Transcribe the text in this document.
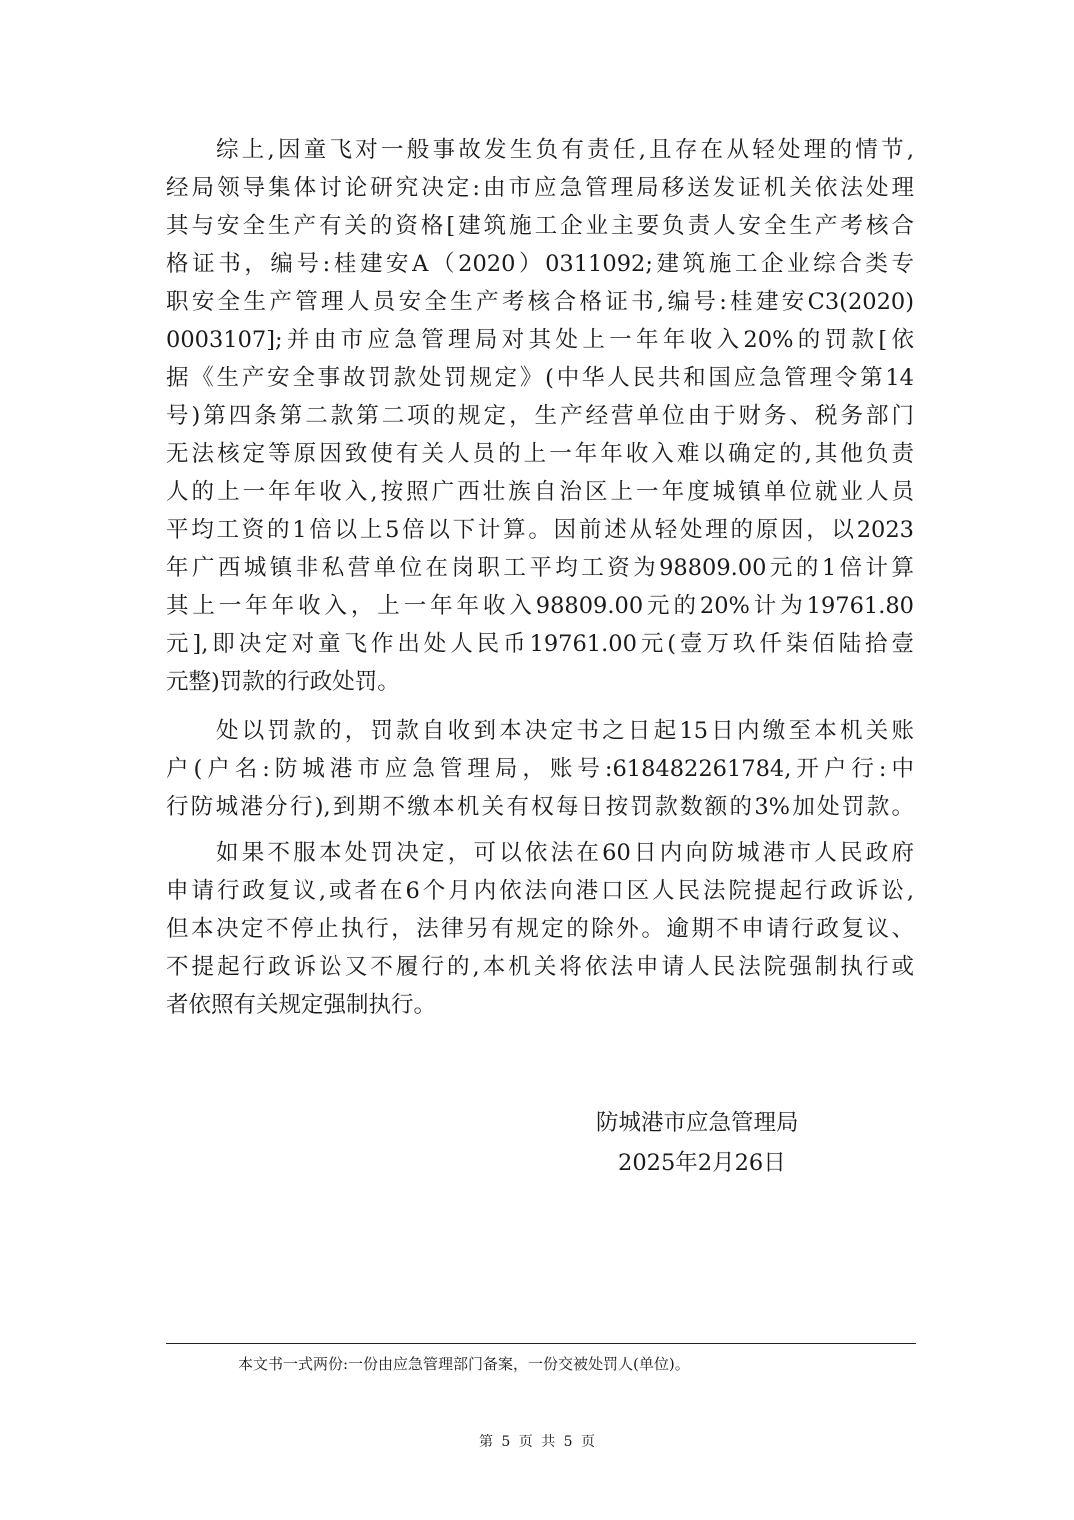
综上,因童飞对一般事故发生负有责任,且存在从轻处理的情节,
经局领导集体讨论研究决定:由市应急管理局移送发证机关依法处理
其与安全生产有关的资格[建筑施工企业主要负责人安全生产考核合
格证书，编号:桂建安A（2020）0311092;建筑施工企业综合类专
职安全生产管理人员安全生产考核合格证书,编号:桂建安C3(2020)
0003107];并由市应急管理局对其处上一年年收入20%的罚款[依
据《生产安全事故罚款处罚规定》(中华人民共和国应急管理令第14
号)第四条第二款第二项的规定，生产经营单位由于财务、税务部门
无法核定等原因致使有关人员的上一年年收入难以确定的,其他负责
人的上一年年收入,按照广西壮族自治区上一年度城镇单位就业人员
平均工资的1倍以上5倍以下计算。因前述从轻处理的原因，以2023
年广西城镇非私营单位在岗职工平均工资为98809.00元的1倍计算
其上一年年收入，上一年年收入98809.00元的20%计为19761.80
元],即决定对童飞作出处人民币19761.00元(壹万玖仟柒佰陆拾壹
元整)罚款的行政处罚。
处以罚款的，罚款自收到本决定书之日起15日内缴至本机关账
户(户名:防城港市应急管理局，账号:618482261784,开户行:中
行防城港分行),到期不缴本机关有权每日按罚款数额的3%加处罚款。
如果不服本处罚决定，可以依法在60日内向防城港市人民政府
申请行政复议,或者在6个月内依法向港口区人民法院提起行政诉讼,
但本决定不停止执行，法律另有规定的除外。逾期不申请行政复议、
不提起行政诉讼又不履行的,本机关将依法申请人民法院强制执行或
者依照有关规定强制执行。
防城港市应急管理局
2025年2月26日
本文书一式两份:一份由应急管理部门备案，一份交被处罚人(单位)。
第 5 页 共 5 页
